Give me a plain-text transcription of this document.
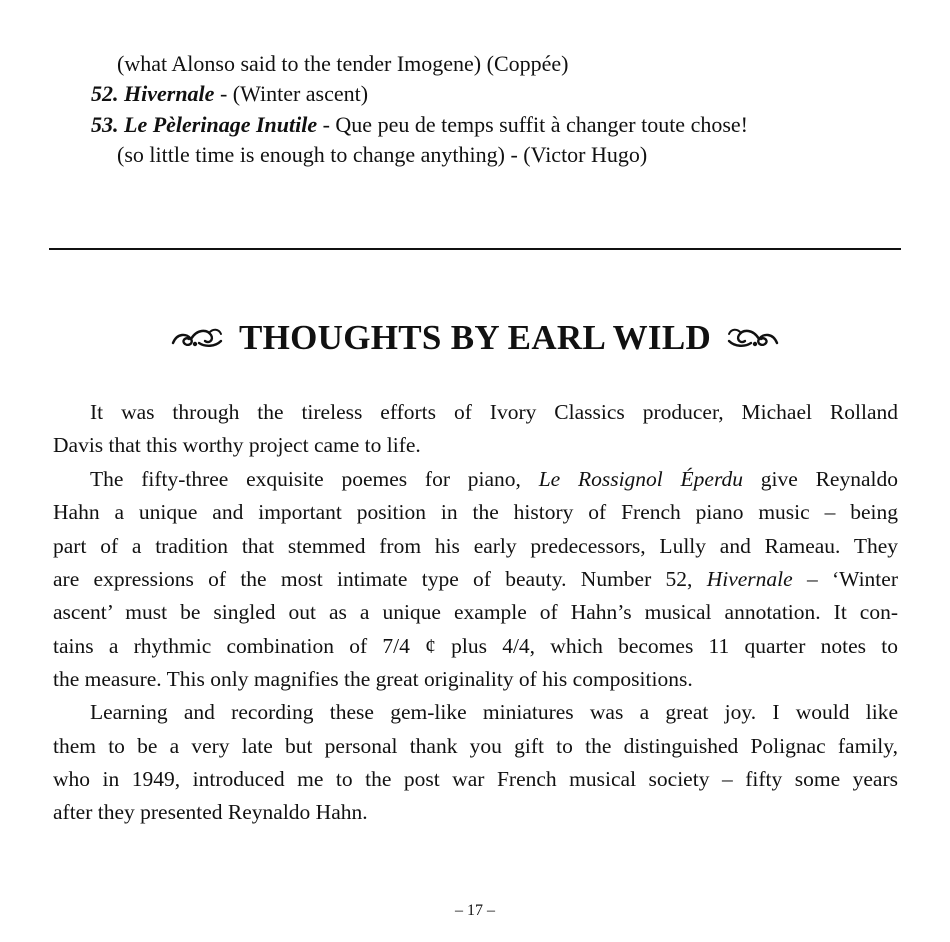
(what Alonso said to the tender Imogene) (Coppée)
52. Hivernale - (Winter ascent)
53. Le Pèlerinage Inutile - Que peu de temps suffit à changer toute chose!
(so little time is enough to change anything) - (Victor Hugo)
THOUGHTS BY EARL WILD
It was through the tireless efforts of Ivory Classics producer, Michael Rolland
Davis that this worthy project came to life.
The fifty-three exquisite poemes for piano, Le Rossignol Éperdu give Reynaldo
Hahn a unique and important position in the history of French piano music – being
part of a tradition that stemmed from his early predecessors, Lully and Rameau. They
are expressions of the most intimate type of beauty. Number 52, Hivernale – ‘Winter
ascent’ must be singled out as a unique example of Hahn’s musical annotation. It con-
tains a rhythmic combination of 7/4 ¢ plus 4/4, which becomes 11 quarter notes to
the measure. This only magnifies the great originality of his compositions.
Learning and recording these gem-like miniatures was a great joy. I would like
them to be a very late but personal thank you gift to the distinguished Polignac family,
who in 1949, introduced me to the post war French musical society – fifty some years
after they presented Reynaldo Hahn.
– 17 –
